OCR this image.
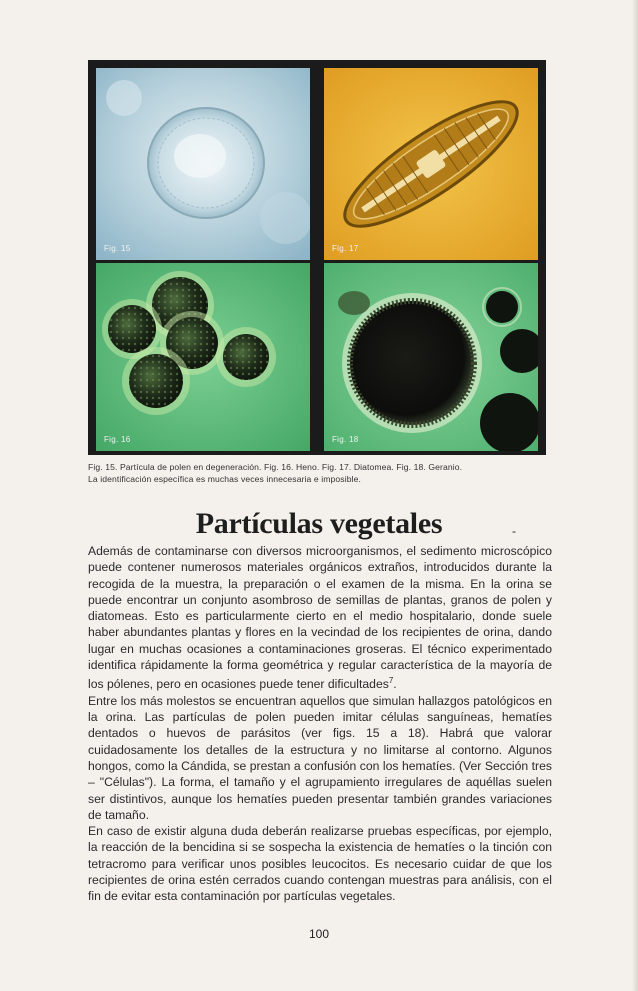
Fig. 15	Fig. 17
Fig. 16	Fig. 18
Fig. 15. Partícula de polen en degeneración. Fig. 16. Heno. Fig. 17. Diatomea. Fig. 18. Geranio.
La identificación específica es muchas veces innecesaria e imposible.
Partículas vegetales	-

Además de contaminarse con diversos microorganismos, el sedimento microscópico puede contener numerosos materiales orgánicos extraños, introducidos durante la recogida de la muestra, la preparación o el examen de la misma. En la orina se puede encontrar un conjunto asombroso de semillas de plantas, granos de polen y diatomeas. Esto es particularmente cierto en el medio hospitalario, donde suele haber abundantes plantas y flores en la vecindad de los recipientes de orina, dando lugar en muchas ocasiones a contaminaciones groseras. El técnico experimentado identifica rápidamente la forma geométrica y regular característica de la mayoría de los pólenes, pero en ocasiones puede tener dificultades$^7$.

Entre los más molestos se encuentran aquellos que simulan hallazgos patológicos en la orina. Las partículas de polen pueden imitar células sanguíneas, hematíes dentados o huevos de parásitos (ver figs. 15 a 18). Habrá que valorar cuidadosamente los detalles de la estructura y no limitarse al contorno. Algunos hongos, como la Cándida, se prestan a confusión con los hematíes. (Ver Sección tres – "Células"). La forma, el tamaño y el agrupamiento irregulares de aquéllas suelen ser distintivos, aunque los hematíes pueden presentar también grandes variaciones de tamaño.

En caso de existir alguna duda deberán realizarse pruebas específicas, por ejemplo, la reacción de la bencidina si se sospecha la existencia de hematíes o la tinción con tetracromo para verificar unos posibles leucocitos. Es necesario cuidar de que los recipientes de orina estén cerrados cuando contengan muestras para análisis, con el fin de evitar esta contaminación por partículas vegetales.

100
